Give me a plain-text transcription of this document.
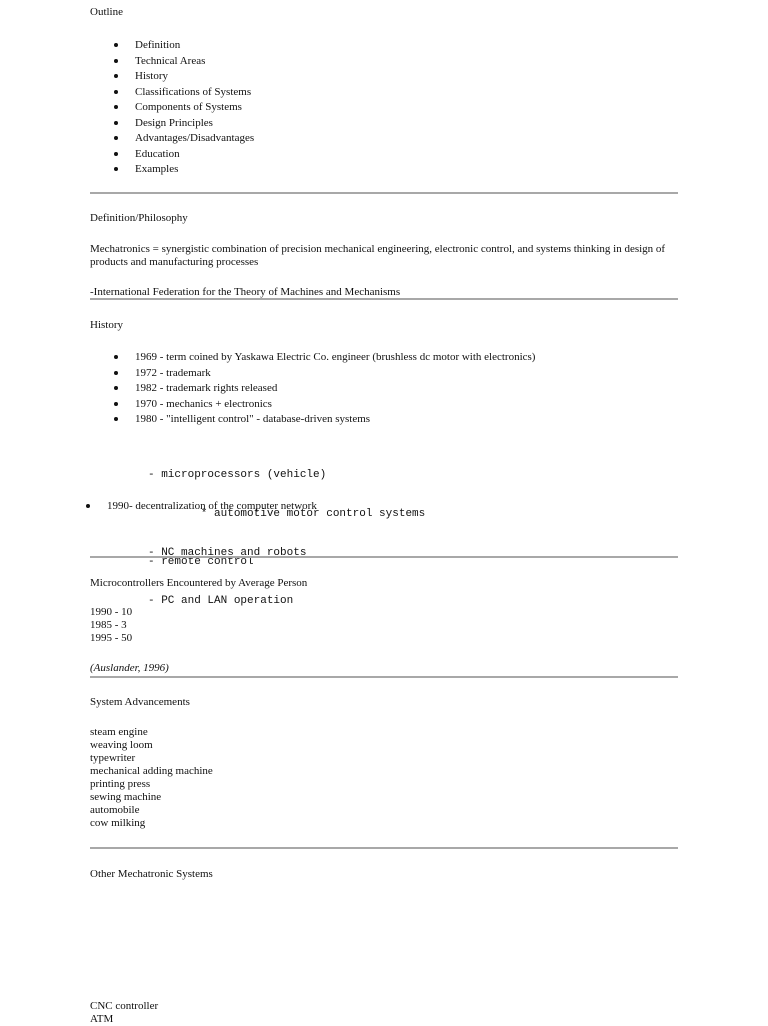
Outline
Definition
Technical Areas
History
Classifications of Systems
Components of Systems
Design Principles
Advantages/Disadvantages
Education
Examples
Definition/Philosophy
Mechatronics = synergistic combination of precision mechanical engineering, electronic control, and systems thinking in design of products and manufacturing processes
-International Federation for the Theory of Machines and Mechanisms
History
1969 - term coined by Yaskawa Electric Co. engineer (brushless dc motor with electronics)
1972 - trademark
1982 - trademark rights released
1970 - mechanics + electronics
1980 - "intelligent control" - database-driven systems

- microprocessors (vehicle)

* automotive motor control systems

- NC machines and robots

1990- decentralization of the computer network

- remote control

- PC and LAN operation

Microcontrollers Encountered by Average Person
1990 - 10
1985 - 3
1995 - 50
(Auslander, 1996)
System Advancements
steam engine
weaving loom
typewriter
mechanical adding machine
printing press
sewing machine
automobile
cow milking
Other Mechatronic Systems
CNC controller
ATM
